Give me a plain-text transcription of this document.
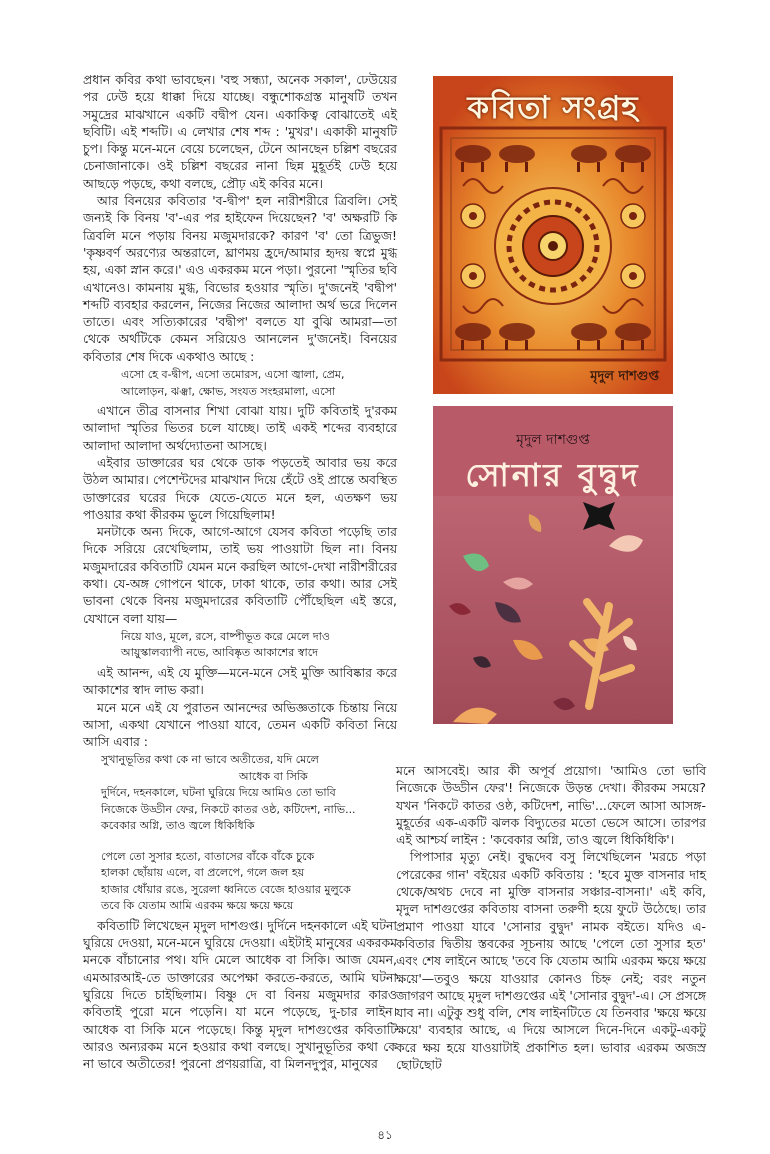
প্রধান কবির কথা ভাবছেন। 'বহু সন্ধ্যা, অনেক সকাল', ঢেউয়ের পর ঢেউ হয়ে ধাক্কা দিয়ে যাচ্ছে। বন্ধুশোকগ্রস্ত মানুষটি তখন সমুদ্রের মাঝখানে একটি বদ্বীপ যেন। একাকিত্ব বোঝাতেই এই ছবিটি। এই শব্দটি। এ লেখার শেষ শব্দ : 'মুখর'। একাকী মানুষটি চুপ। কিন্তু মনে-মনে বেয়ে চলেছেন, টেনে আনছেন চল্লিশ বছরের চেনাজানাকে। ওই চল্লিশ বছরের নানা ছিন্ন মুহূর্তই ঢেউ হয়ে আছড়ে পড়ছে, কথা বলছে, প্রৌঢ় এই কবির মনে।

আর বিনয়ের কবিতার 'ব-দ্বীপ' হল নারীশরীরে ত্রিবলি। সেই জন্যই কি বিনয় 'ব'-এর পর হাইফেন দিয়েছেন? 'ব' অক্ষরটি কি ত্রিবলি মনে পড়ায় বিনয় মজুমদারকে? কারণ 'ব' তো ত্রিভুজ! 'কৃষ্ণবর্ণ অরণ্যের অন্তরালে, ঘ্রাণময় হ্রদে/আমার হৃদয় স্বপ্নে মুগ্ধ হয়, একা স্নান করে।' এও একরকম মনে পড়া। পুরনো 'স্মৃতির ছবি এখানেও। কামনায় মুগ্ধ, বিভোর হওয়ার স্মৃতি। দু'জনেই 'বদ্বীপ' শব্দটি ব্যবহার করলেন, নিজের নিজের আলাদা অর্থ ভরে দিলেন তাতে। এবং সত্যিকারের 'বদ্বীপ' বলতে যা বুঝি আমরা—তা থেকে অর্থটিকে কেমন সরিয়েও আনলেন দু'জনেই। বিনয়ের কবিতার শেষ দিকে একথাও আছে :

এসো হে ব-দ্বীপ, এসো তমোরস, এসো জ্বালা, প্রেম,
আলোড়ন, ঝঞ্ঝা, ক্ষোভ, সংযত সংহরমালা, এসো

এখানে তীব্র বাসনার শিখা বোঝা যায়। দুটি কবিতাই দু'রকম আলাদা স্মৃতির ভিতর চলে যাচ্ছে। তাই একই শব্দের ব্যবহারে আলাদা আলাদা অর্থদ্যোতনা আসছে।

এইবার ডাক্তারের ঘর থেকে ডাক পড়তেই আবার ভয় করে উঠল আমার। পেশেন্টদের মাঝখান দিয়ে হেঁটে ওই প্রান্তে অবস্থিত ডাক্তারের ঘরের দিকে যেতে-যেতে মনে হল, এতক্ষণ ভয় পাওয়ার কথা কীরকম ভুলে গিয়েছিলাম!

মনটাকে অন্য দিকে, আগে-আগে যেসব কবিতা পড়েছি তার দিকে সরিয়ে রেখেছিলাম, তাই ভয় পাওয়াটা ছিল না। বিনয় মজুমদারের কবিতাটি যেমন মনে করছিল আগে-দেখা নারীশরীরের কথা। যে-অঙ্গ গোপনে থাকে, ঢাকা থাকে, তার কথা। আর সেই ভাবনা থেকে বিনয় মজুমদারের কবিতাটি পৌঁছেছিল এই স্তরে, যেখানে বলা যায়—

নিয়ে যাও, মূলে, রসে, বাষ্পীভূত করে মেলে দাও
আয়ুস্কালব্যাপী নভে, আবিষ্কৃত আকাশের স্বাদে

এই আনন্দ, এই যে মুক্তি—মনে-মনে সেই মুক্তি আবিষ্কার করে আকাশের স্বাদ লাভ করা।

মনে মনে এই যে পুরাতন আনন্দের অভিজ্ঞতাকে চিন্তায় নিয়ে আসা, একথা যেখানে পাওয়া যাবে, তেমন একটি কবিতা নিয়ে আসি এবার :

সুখানুভূতির কথা কে না ভাবে অতীতের, যদি মেলে
আধেক বা সিকি
দুর্দিনে, দহনকালে, ঘটনা ঘুরিয়ে দিয়ে আমিও তো ভাবি
নিজেকে উড্ডীন ফের, নিকটে কাতর ওষ্ঠ, কটিদেশ, নাভি...
কবেকার অগ্নি, তাও জ্বলে ধিকিধিকি
পেলে তো সুসার হতো, বাতাসের বাঁকে বাঁকে চুকে
হালকা ছোঁয়ায় এলে, বা প্রলেপে, গলে জল হয়
হাজার ধোঁয়ার রঙে, সুরেলা ধ্বনিতে বেজে হাওয়ার মুলুকে
তবে কি যেতাম আমি এরকম ক্ষয়ে ক্ষয়ে ক্ষয়ে

কবিতাটি লিখেছেন মৃদুল দাশগুপ্ত। দুর্দিনে দহনকালে এই ঘটনা ঘুরিয়ে দেওয়া, মনে-মনে ঘুরিয়ে দেওয়া। এইটাই মানুষের একরকম মনকে বাঁচানোর পথ। যদি মেলে আধেক বা সিকি। আজ যেমন, এমআরআই-তে ডাক্তারের অপেক্ষা করতে-করতে, আমি ঘটনা ঘুরিয়ে দিতে চাইছিলাম। বিষ্ণু দে বা বিনয় মজুমদার কারও কবিতাই পুরো মনে পড়েনি। যা মনে পড়েছে, দু-চার লাইন। আধেক বা সিকি মনে পড়েছে। কিন্তু মৃদুল দাশগুপ্তের কবিতাটি আরও অন্যরকম মনে হওয়ার কথা বলছে। সুখানুভূতির কথা কে না ভাবে অতীতের! পুরনো প্রণয়রাত্রি, বা মিলনদুপুর, মানুষের

কবিতা সংগ্রহ
মৃদুল দাশগুপ্ত
মৃদুল দাশগুপ্ত
সোনার বুদ্বুদ

মনে আসবেই। আর কী অপূর্ব প্রয়োগ। 'আমিও তো ভাবি নিজেকে উড্ডীন ফের'! নিজেকে উড়ন্ত দেখা। কীরকম সময়ে? যখন 'নিকটে কাতর ওষ্ঠ, কটিদেশ, নাভি'...ফেলে আসা আসঙ্গ-মুহূর্তের এক-একটি ঝলক বিদ্যুতের মতো ভেসে আসে। তারপর এই আশ্চর্য লাইন : 'কবেকার অগ্নি, তাও জ্বলে ধিকিধিকি'।

পিপাসার মৃত্যু নেই। বুদ্ধদেব বসু লিখেছিলেন 'মরচে পড়া পেরেকের গান' বইয়ের একটি কবিতায় : 'হবে মুক্ত বাসনার দাহ থেকে/অথচ দেবে না মুক্তি বাসনার সঞ্চার-বাসনা।' এই কবি, মৃদুল দাশগুপ্তের কবিতায় বাসনা তরুণী হয়ে ফুটে উঠেছে। তার প্রমাণ পাওয়া যাবে 'সোনার বুদ্বুদ' নামক বইতে। যদিও এ-কবিতার দ্বিতীয় স্তবকের সূচনায় আছে 'পেলে তো সুসার হত' এবং শেষ লাইনে আছে 'তবে কি যেতাম আমি এরকম ক্ষয়ে ক্ষয়ে ক্ষয়ে'—তবুও ক্ষয়ে যাওয়ার কোনও চিহ্ন নেই; বরং নতুন জাগরণ আছে মৃদুল দাশগুপ্তের এই 'সোনার বুদ্বুদ'-এ। সে প্রসঙ্গে যাব না। এটুকু শুধু বলি, শেষ লাইনটিতে যে তিনবার 'ক্ষয়ে ক্ষয়ে ক্ষয়ে' ব্যবহার আছে, এ দিয়ে আসলে দিনে-দিনে একটু-একটু করে ক্ষয় হয়ে যাওয়াটাই প্রকাশিত হল। ভাবার এরকম অজস্র ছোটছোট

৪১
